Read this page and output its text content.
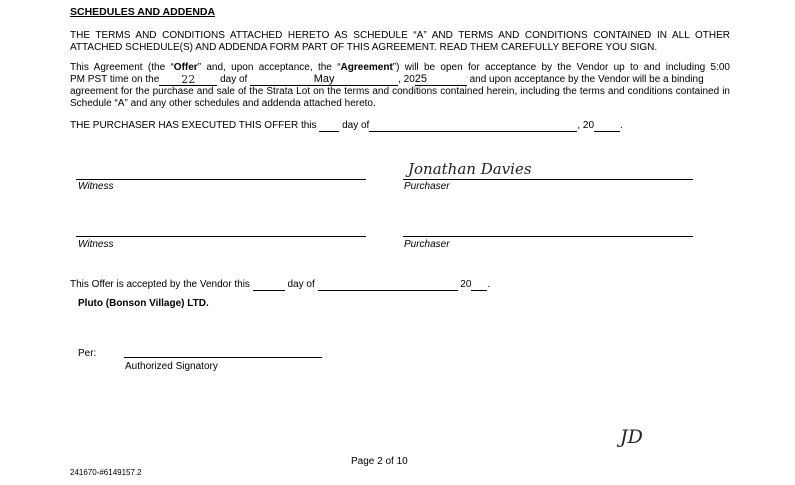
SCHEDULES AND ADDENDA
THE TERMS AND CONDITIONS ATTACHED HERETO AS SCHEDULE “A” AND TERMS AND CONDITIONS CONTAINED IN ALL OTHER ATTACHED SCHEDULE(S) AND ADDENDA FORM PART OF THIS AGREEMENT. READ THEM CAREFULLY BEFORE YOU SIGN.
This Agreement (the “Offer” and, upon acceptance, the “Agreement”) will be open for acceptance by the Vendor up to and including 5:00
PM PST time on the 22 day of	May	, 2025	and upon acceptance by the Vendor will be a binding
agreement for the purchase and sale of the Strata Lot on the terms and conditions contained herein, including the terms and conditions contained in Schedule “A” and any other schedules and addenda attached hereto.
THE PURCHASER HAS EXECUTED THIS OFFER this	day of	, 20	.
Jonathan Davies
Witness	Purchaser
Witness	Purchaser
This Offer is accepted by the Vendor this	day of	20 .
Pluto (Bonson Village) LTD.
Per:
Authorized Signatory
JD
Page 2 of 10
241670-#6149157.2
